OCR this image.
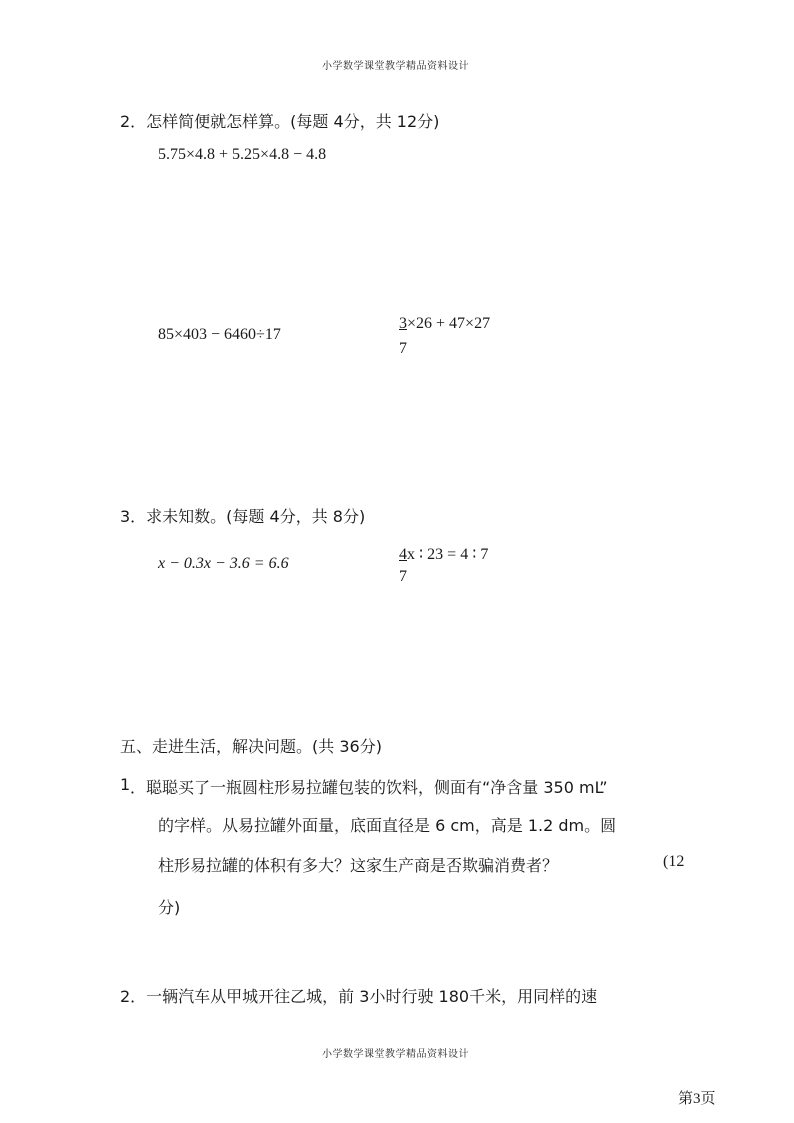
小学数学课堂教学精品资料设计
2．怎样简便就怎样算。(每题 4分，共 12分)
5.75×4.8 + 5.25×4.8 − 4.8
85×403 − 6460÷17
3×26 + 47×27
7
3．求未知数。(每题 4分，共 8分)
x − 0.3x − 3.6 = 6.6
4x ∶ 23 = 4 ∶ 7
7
五、走进生活，解决问题。(共 36分)
1 ．聪聪买了一瓶圆柱形易拉罐包装的饮料，侧面有“净含量 350 mL”
的字样。从易拉罐外面量，底面直径是 6 cm，高是 1.2 dm。圆
柱形易拉罐的体积有多大？这家生产商是否欺骗消费者？	(12
分)
2．一辆汽车从甲城开往乙城，前 3小时行驶 180千米，用同样的速
小学数学课堂教学精品资料设计
第3页
